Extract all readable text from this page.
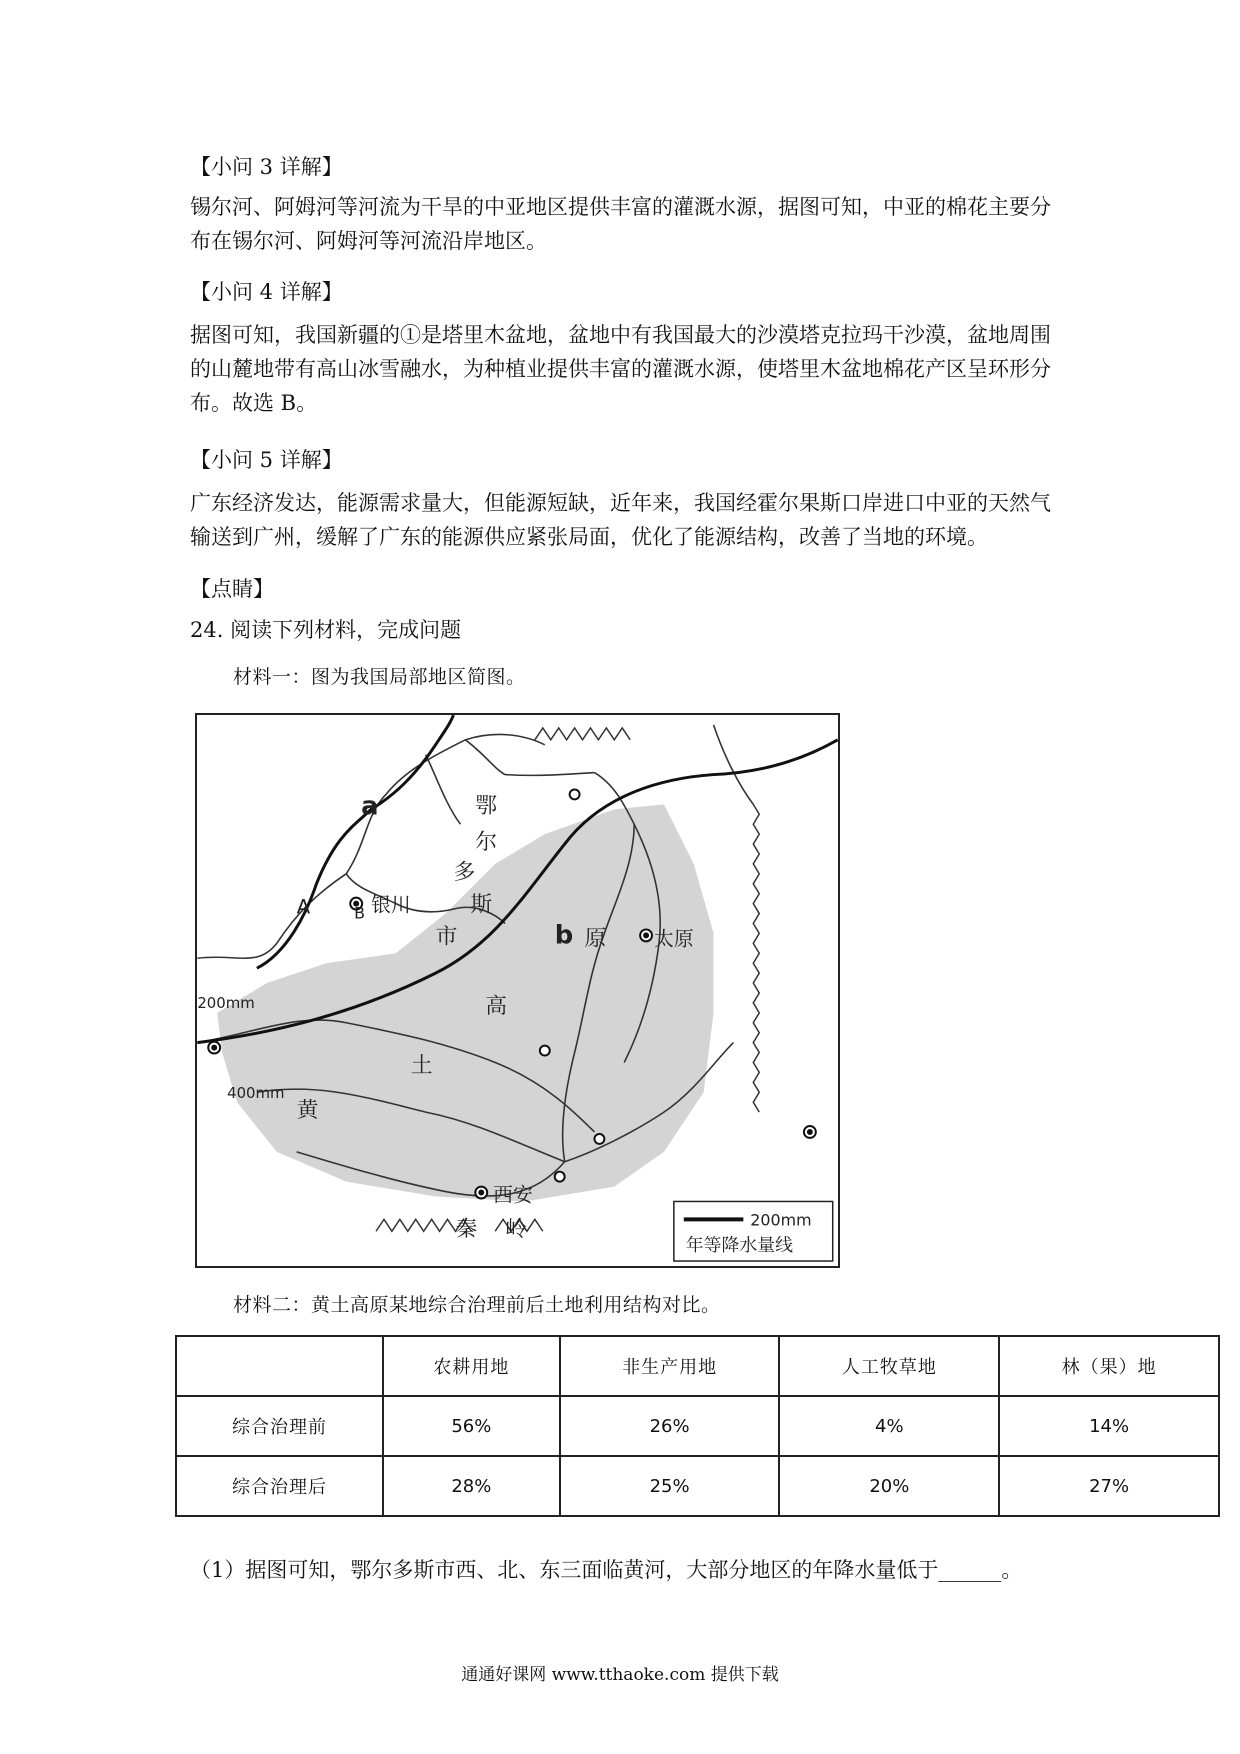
【小问 3 详解】
锡尔河、阿姆河等河流为干旱的中亚地区提供丰富的灌溉水源，据图可知，中亚的棉花主要分布在锡尔河、阿姆河等河流沿岸地区。
【小问 4 详解】
据图可知，我国新疆的①是塔里木盆地，盆地中有我国最大的沙漠塔克拉玛干沙漠，盆地周围的山麓地带有高山冰雪融水，为种植业提供丰富的灌溉水源，使塔里木盆地棉花产区呈环形分布。故选 B。
【小问 5 详解】
广东经济发达，能源需求量大，但能源短缺，近年来，我国经霍尔果斯口岸进口中亚的天然气输送到广州，缓解了广东的能源供应紧张局面，优化了能源结构，改善了当地的环境。
【点睛】
24. 阅读下列材料，完成问题
材料一：图为我国局部地区简图。
a
b
A	B
鄂
尔
多
斯
市
银川
太原
西安
原
高
土
黄
秦 岭
200mm
400mm
200mm
年等降水量线
材料二：黄土高原某地综合治理前后土地利用结构对比。
	农耕用地	非生产用地	人工牧草地	林（果）地
综合治理前	56%	26%	4%	14%
综合治理后	28%	25%	20%	27%
（1）据图可知，鄂尔多斯市西、北、东三面临黄河，大部分地区的年降水量低于______。
通通好课网 www.tthaoke.com 提供下载
